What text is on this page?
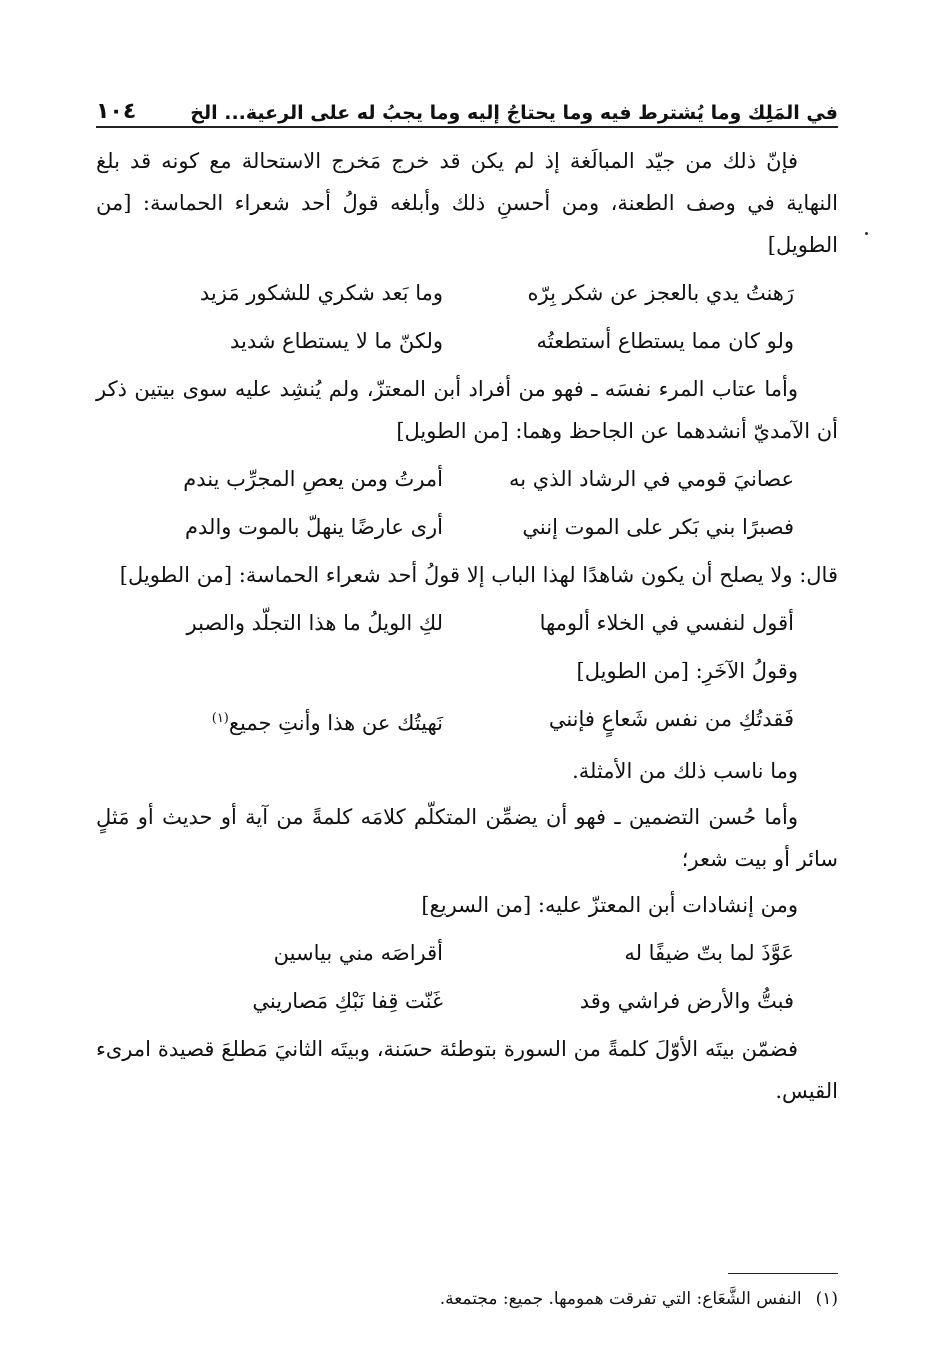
في المَلِك وما يُشترط فيه وما يحتاجُ إليه وما يجبُ له على الرعية... الخ
١٠٤

فإنّ ذلك من جيّد المبالَغة إذ لم يكن قد خرج مَخرج الاستحالة مع كونه قد بلغ النهاية في وصف الطعنة، ومن أحسنِ ذلك وأبلغه قولُ أحد شعراء الحماسة: [من الطويل]

رَهنتُ يدي بالعجز عن شكر بِرّه
وما بَعد شكري للشكور مَزيد
ولو كان مما يستطاع أستطعتُه
ولكنّ ما لا يستطاع شديد

وأما عتاب المرء نفسَه ـ فهو من أفراد أبن المعتزّ، ولم يُنشِد عليه سوى بيتين ذكر أن الآمديّ أنشدهما عن الجاحظ وهما: [من الطويل]

عصانيَ قومي في الرشاد الذي به
أمرتُ ومن يعصِ المجرِّب يندم
فصبرًا بني بَكر على الموت إنني
أرى عارضًا ينهلّ بالموت والدم

قال: ولا يصلح أن يكون شاهدًا لهذا الباب إلا قولُ أحد شعراء الحماسة: [من الطويل]

أقول لنفسي في الخلاء ألومها
لكِ الويلُ ما هذا التجلّد والصبر

وقولُ الآخَرِ: [من الطويل]

فَقدتُكِ من نفس شَعاعٍ فإنني
نَهيتُك عن هذا وأنتِ جميع$^{(١)}$

وما ناسب ذلك من الأمثلة.

وأما حُسن التضمين ـ فهو أن يضمِّن المتكلّم كلامَه كلمةً من آية أو حديث أو مَثلٍ سائر أو بيت شعر؛

ومن إنشادات أبن المعتزّ عليه: [من السريع]

عَوَّذَ لما بتّ ضيفًا له
أقراصَه مني بياسين
فبتُّ والأرض فراشي وقد
غَنّت قِفا نَبْكِ مَصاريني

فضمّن بيتَه الأوّلَ كلمةً من السورة بتوطئة حسَنة، وبيتَه الثانيَ مَطلعَ قصيدة امرىء القيس.

(١)النفس الشَّعَاع: التي تفرقت همومها. جميع: مجتمعة.
